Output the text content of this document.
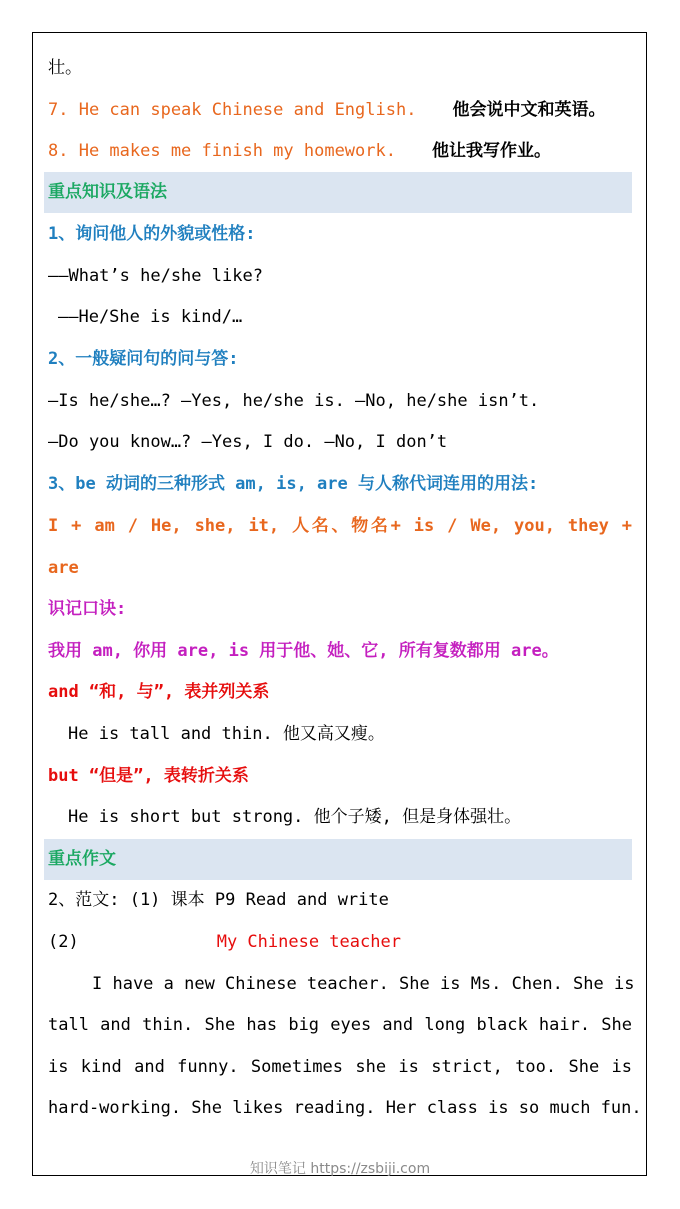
壮。
7. He can speak Chinese and English. 他会说中文和英语。
8. He makes me finish my homework. 他让我写作业。
重点知识及语法
1、询问他人的外貌或性格:
——What’s he/she like?
——He/She is kind/…
2、一般疑问句的问与答:
—Is he/she…? —Yes, he/she is. —No, he/she isn’t.
—Do you know…? —Yes, I do. —No, I don’t
3、be 动词的三种形式 am, is, are 与人称代词连用的用法:
I + am / He, she, it, 人名、物名+ is / We, you, they +
are
识记口诀:
我用 am, 你用 are, is 用于他、她、它, 所有复数都用 are。
and “和, 与”, 表并列关系
He is tall and thin. 他又高又瘦。
but “但是”, 表转折关系
He is short but strong. 他个子矮, 但是身体强壮。
重点作文
2、范文: (1) 课本 P9 Read and write
(2)	My Chinese teacher
I have a new Chinese teacher. She is Ms. Chen. She is
tall and thin. She has big eyes and long black hair. She
is kind and funny. Sometimes she is strict, too. She is
hard-working. She likes reading. Her class is so much fun.
知识笔记 https://zsbiji.com
